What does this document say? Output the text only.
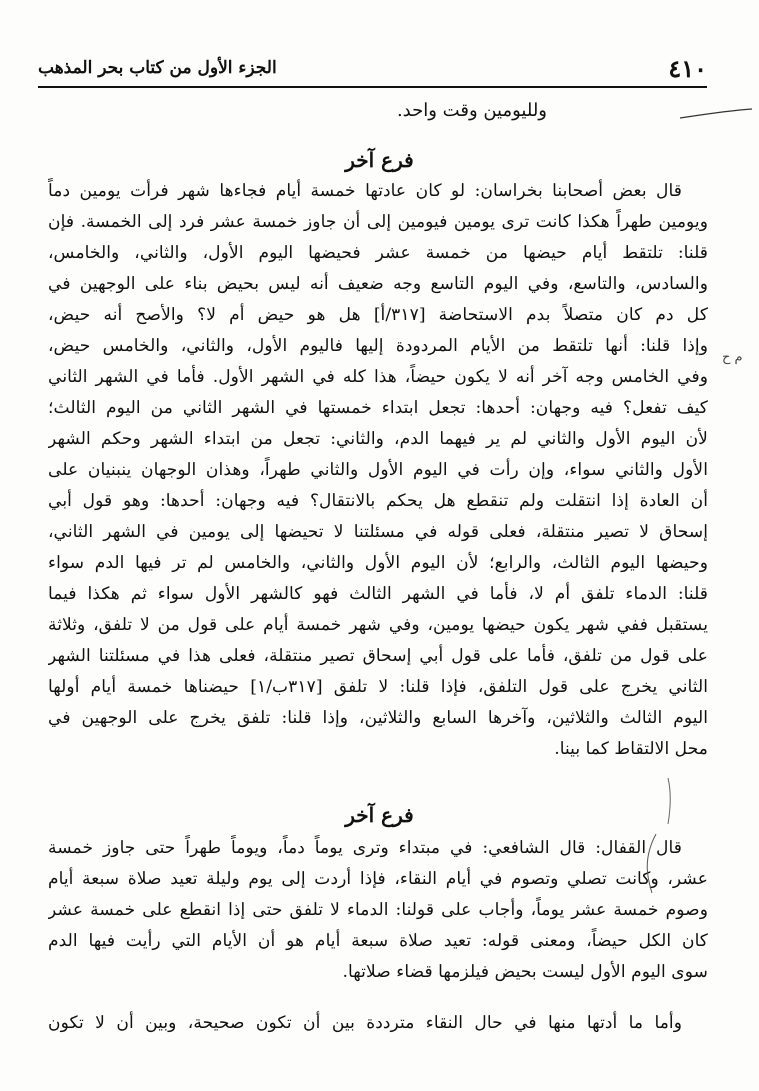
٤١٠
الجزء الأول من كتاب بحر المذهب
ولليومين وقت واحد.
فرع آخر
قال بعض أصحابنا بخراسان: لو كان عادتها خمسة أيام فجاءها شهر فرأت يومين دماً
ويومين طهراً هكذا كانت ترى يومين فيومين إلى أن جاوز خمسة عشر فرد إلى الخمسة. فإن
قلنا: تلتقط أيام حيضها من خمسة عشر فحيضها اليوم الأول، والثاني، والخامس،
والسادس، والتاسع، وفي اليوم التاسع وجه ضعيف أنه ليس بحيض بناء على الوجهين في
كل دم كان متصلاً بدم الاستحاضة [٣١٧/أ] هل هو حيض أم لا؟ والأصح أنه حيض،
وإذا قلنا: أنها تلتقط من الأيام المردودة إليها فاليوم الأول، والثاني، والخامس حيض،
وفي الخامس وجه آخر أنه لا يكون حيضاً، هذا كله في الشهر الأول. فأما في الشهر الثاني
كيف تفعل؟ فيه وجهان: أحدها: تجعل ابتداء خمستها في الشهر الثاني من اليوم الثالث؛
لأن اليوم الأول والثاني لم ير فيهما الدم، والثاني: تجعل من ابتداء الشهر وحكم الشهر
الأول والثاني سواء، وإن رأت في اليوم الأول والثاني طهراً، وهذان الوجهان ينبنيان على
أن العادة إذا انتقلت ولم تنقطع هل يحكم بالانتقال؟ فيه وجهان: أحدها: وهو قول أبي
إسحاق لا تصير منتقلة، فعلى قوله في مسئلتنا لا تحيضها إلى يومين في الشهر الثاني،
وحيضها اليوم الثالث، والرابع؛ لأن اليوم الأول والثاني، والخامس لم تر فيها الدم سواء
قلنا: الدماء تلفق أم لا، فأما في الشهر الثالث فهو كالشهر الأول سواء ثم هكذا فيما
يستقبل ففي شهر يكون حيضها يومين، وفي شهر خمسة أيام على قول من لا تلفق، وثلاثة
على قول من تلفق، فأما على قول أبي إسحاق تصير منتقلة، فعلى هذا في مسئلتنا الشهر
الثاني يخرج على قول التلفق، فإذا قلنا: لا تلفق [٣١٧ب/١] حيضناها خمسة أيام أولها
اليوم الثالث والثلاثين، وآخرها السابع والثلاثين، وإذا قلنا: تلفق يخرج على الوجهين في
محل الالتقاط كما بينا.
فرع آخر
قال القفال: قال الشافعي: في مبتداء وترى يوماً دماً، ويوماً طهراً حتى جاوز خمسة
عشر، وكانت تصلي وتصوم في أيام النقاء، فإذا أردت إلى يوم وليلة تعيد صلاة سبعة أيام
وصوم خمسة عشر يوماً، وأجاب على قولنا: الدماء لا تلفق حتى إذا انقطع على خمسة عشر
كان الكل حيضاً، ومعنى قوله: تعيد صلاة سبعة أيام هو أن الأيام التي رأيت فيها الدم
سوى اليوم الأول ليست بحيض فيلزمها قضاء صلاتها.
وأما ما أدتها منها في حال النقاء مترددة بين أن تكون صحيحة، وبين أن لا تكون
م ح
